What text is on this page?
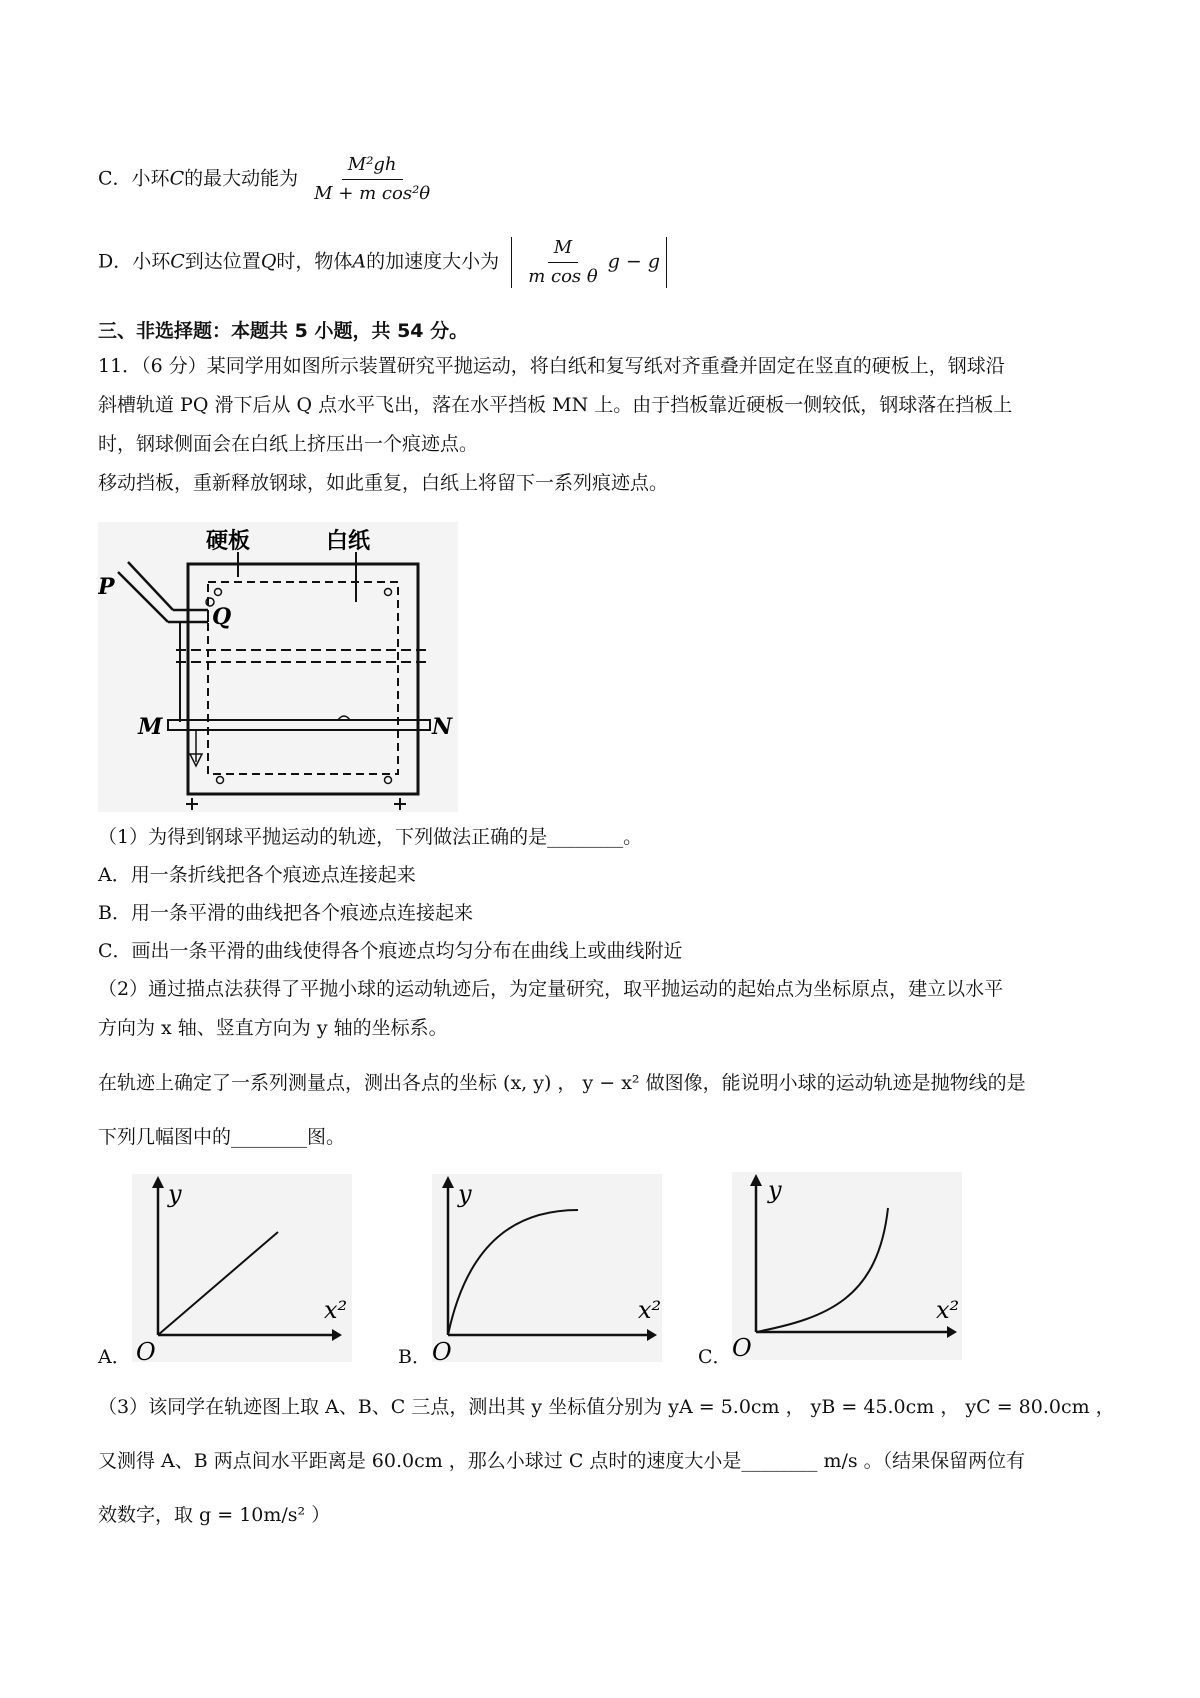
C．小环C的最大动能为 $\frac{\text{M²gh}}{\text{M + m cos²θ}}$
D．小环C到达位置Q时，物体A的加速度大小为 $\frac{M}{\text{m cos θ}}$ g − g
三、非选择题：本题共 5 小题，共 54 分。
11．（6 分）某同学用如图所示装置研究平抛运动，将白纸和复写纸对齐重叠并固定在竖直的硬板上，钢球沿
斜槽轨道 PQ 滑下后从 Q 点水平飞出，落在水平挡板 MN 上。由于挡板靠近硬板一侧较低，钢球落在挡板上
时，钢球侧面会在白纸上挤压出一个痕迹点。
移动挡板，重新释放钢球，如此重复，白纸上将留下一系列痕迹点。
硬板	白纸
P
Q
M	N
（1）为得到钢球平抛运动的轨迹，下列做法正确的是________。
A．用一条折线把各个痕迹点连接起来
B．用一条平滑的曲线把各个痕迹点连接起来
C．画出一条平滑的曲线使得各个痕迹点均匀分布在曲线上或曲线附近
（2）通过描点法获得了平抛小球的运动轨迹后，为定量研究，取平抛运动的起始点为坐标原点，建立以水平
方向为 x 轴、竖直方向为 y 轴的坐标系。
在轨迹上确定了一系列测量点，测出各点的坐标 (x, y) ， y − x² 做图像，能说明小球的运动轨迹是抛物线的是
下列几幅图中的________图。
A．
y
x²
O	B．
y
x²
O	C．
y
x²
O
（3）该同学在轨迹图上取 A、B、C 三点，测出其 y 坐标值分别为 yA = 5.0cm ， yB = 45.0cm ， yC = 80.0cm ，
又测得 A、B 两点间水平距离是 60.0cm ，那么小球过 C 点时的速度大小是________ m/s 。（结果保留两位有
效数字，取 g = 10m/s² ）
